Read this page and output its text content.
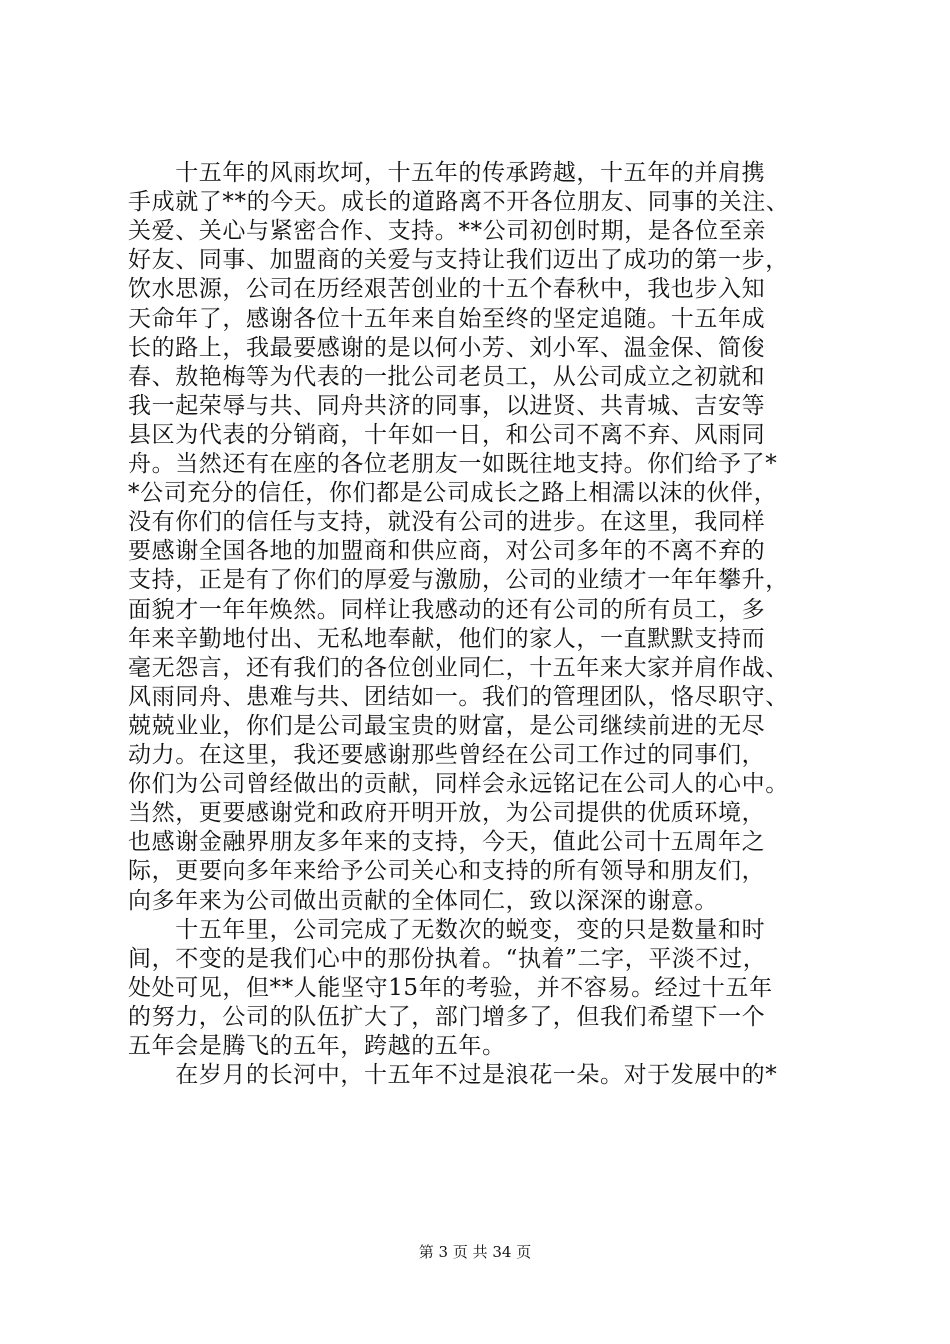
　　十五年的风雨坎坷，十五年的传承跨越，十五年的并肩携
手成就了**的今天。成长的道路离不开各位朋友、同事的关注、
关爱、关心与紧密合作、支持。**公司初创时期，是各位至亲
好友、同事、加盟商的关爱与支持让我们迈出了成功的第一步，
饮水思源，公司在历经艰苦创业的十五个春秋中，我也步入知
天命年了，感谢各位十五年来自始至终的坚定追随。十五年成
长的路上，我最要感谢的是以何小芳、刘小军、温金保、简俊
春、敖艳梅等为代表的一批公司老员工，从公司成立之初就和
我一起荣辱与共、同舟共济的同事，以进贤、共青城、吉安等
县区为代表的分销商，十年如一日，和公司不离不弃、风雨同
舟。当然还有在座的各位老朋友一如既往地支持。你们给予了*
*公司充分的信任，你们都是公司成长之路上相濡以沫的伙伴，
没有你们的信任与支持，就没有公司的进步。在这里，我同样
要感谢全国各地的加盟商和供应商，对公司多年的不离不弃的
支持，正是有了你们的厚爱与激励，公司的业绩才一年年攀升，
面貌才一年年焕然。同样让我感动的还有公司的所有员工，多
年来辛勤地付出、无私地奉献，他们的家人，一直默默支持而
毫无怨言，还有我们的各位创业同仁，十五年来大家并肩作战、
风雨同舟、患难与共、团结如一。我们的管理团队，恪尽职守、
兢兢业业，你们是公司最宝贵的财富，是公司继续前进的无尽
动力。在这里，我还要感谢那些曾经在公司工作过的同事们，
你们为公司曾经做出的贡献，同样会永远铭记在公司人的心中。
当然，更要感谢党和政府开明开放，为公司提供的优质环境，
也感谢金融界朋友多年来的支持，今天，值此公司十五周年之
际，更要向多年来给予公司关心和支持的所有领导和朋友们，
向多年来为公司做出贡献的全体同仁，致以深深的谢意。
　　十五年里，公司完成了无数次的蜕变，变的只是数量和时
间，不变的是我们心中的那份执着。“执着”二字，平淡不过，
处处可见，但**人能坚守15年的考验，并不容易。经过十五年
的努力，公司的队伍扩大了，部门增多了，但我们希望下一个
五年会是腾飞的五年，跨越的五年。
　　在岁月的长河中，十五年不过是浪花一朵。对于发展中的*
第 3 页 共 34 页
